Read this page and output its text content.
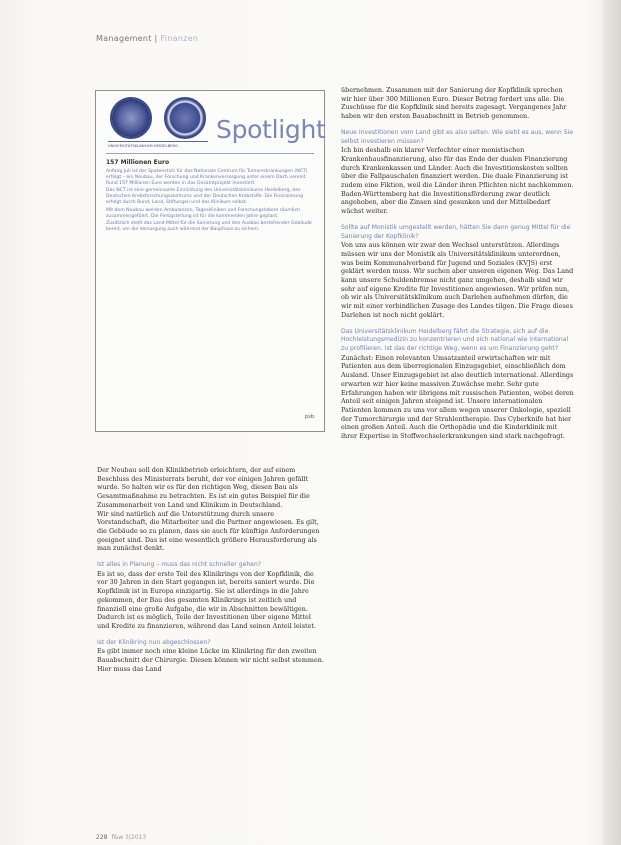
Management | Finanzen
UNIVERSITÄTSKLINIKUM HEIDELBERG
Spotlight
157 Millionen Euro

Anfang Juli ist der Spatenstich für das Nationale Centrum für Tumorerkrankungen (NCT) erfolgt – ein Neubau, der Forschung und Krankenversorgung unter einem Dach vereint. Rund 157 Millionen Euro werden in das Gesamtprojekt investiert.

Das NCT ist eine gemeinsame Einrichtung des Universitätsklinikums Heidelberg, des Deutschen Krebsforschungszentrums und der Deutschen Krebshilfe. Die Finanzierung erfolgt durch Bund, Land, Stiftungen und das Klinikum selbst.

Mit dem Neubau werden Ambulanzen, Tageskliniken und Forschungslabore räumlich zusammengeführt. Die Fertigstellung ist für die kommenden Jahre geplant.

Zusätzlich stellt das Land Mittel für die Sanierung und den Ausbau bestehender Gebäude bereit, um die Versorgung auch während der Bauphase zu sichern.

psb

Der Neubau soll den Klinikbetrieb erleichtern, der auf einem Beschluss des Ministerrats beruht, der vor einigen Jahren gefällt wurde. So halten wir es für den richtigen Weg, diesen Bau als Gesamtmaßnahme zu betrachten. Es ist ein gutes Beispiel für die Zusammenarbeit von Land und Klinikum in Deutschland.

Wir sind natürlich auf die Unterstützung durch unsere Vorstandschaft, die Mitarbeiter und die Partner angewiesen. Es gilt, die Gebäude so zu planen, dass sie auch für künftige Anforderungen geeignet sind. Das ist eine wesentlich größere Herausforderung als man zunächst denkt.

Ist alles in Planung – muss das nicht schneller gehen?

Es ist so, dass der erste Teil des Klinikrings von der Kopfklinik, die vor 30 Jahren in den Start gegangen ist, bereits saniert wurde. Die Kopfklinik ist in Europa einzigartig. Sie ist allerdings in die Jahre gekommen, der Bau des gesamten Klinikrings ist zeitlich und finanziell eine große Aufgabe, die wir in Abschnitten bewältigen. Dadurch ist es möglich, Teile der Investitionen über eigene Mittel und Kredite zu finanzieren, während das Land seinen Anteil leistet.

Ist der Klinikring nun abgeschlossen?

Es gibt immer noch eine kleine Lücke im Klinikring für den zweiten Bauabschnitt der Chirurgie. Diesen können wir nicht selbst stemmen. Hier muss das Land

übernehmen. Zusammen mit der Sanierung der Kopfklinik sprechen wir hier über 300 Millionen Euro. Dieser Betrag fordert uns alle. Die Zuschüsse für die Kopfklinik sind bereits zugesagt. Vergangenes Jahr haben wir den ersten Bauabschnitt in Betrieb genommen.

Neue Investitionen vom Land gibt es also selten. Wie sieht es aus, wenn Sie selbst investieren müssen?

Ich bin deshalb ein klarer Verfechter einer monistischen Krankenhausfinanzierung, also für das Ende der dualen Finanzierung durch Krankenkassen und Länder. Auch die Investitionskosten sollten über die Fallpauschalen finanziert werden. Die duale Finanzierung ist zudem eine Fiktion, weil die Länder ihren Pflichten nicht nachkommen. Baden-Württemberg hat die Investitionsförderung zwar deutlich angehoben, aber die Zinsen sind gesunken und der Mittelbedarf wächst weiter.

Sollte auf Monistik umgestellt werden, hätten Sie dann genug Mittel für die Sanierung der Kopfklinik?

Von uns aus können wir zwar den Wechsel unterstützen. Allerdings müssen wir uns der Monistik als Universitätsklinikum unterordnen, was beim Kommunalverband für Jugend und Soziales (KVJS) erst geklärt werden muss. Wir suchen aber unseren eigenen Weg. Das Land kann unsere Schuldenbremse nicht ganz umgehen, deshalb sind wir sehr auf eigene Kredite für Investitionen angewiesen. Wir prüfen nun, ob wir als Universitätsklinikum auch Darlehen aufnehmen dürfen, die wir mit einer verbindlichen Zusage des Landes tilgen. Die Frage dieses Darlehen ist noch nicht geklärt.

Das Universitätsklinikum Heidelberg fährt die Strategie, sich auf die Hochleistungsmedizin zu konzentrieren und sich national wie international zu profilieren. Ist das der richtige Weg, wenn es um Finanzierung geht?

Zunächst: Einen relevanten Umsatzanteil erwirtschaften wir mit Patienten aus dem überregionalen Einzugsgebiet, einschließlich dem Ausland. Unser Einzugsgebiet ist also deutlich international. Allerdings erwarten wir hier keine massiven Zuwächse mehr. Sehr gute Erfahrungen haben wir übrigens mit russischen Patienten, wobei deren Anteil seit einigen Jahren steigend ist. Unsere internationalen Patienten kommen zu uns vor allem wegen unserer Onkologie, speziell der Tumorchirurgie und der Strahlentherapie. Das Cyberknife hat hier einen großen Anteil. Auch die Orthopädie und die Kinderklinik mit ihrer Expertise in Stoffwechselerkrankungen sind stark nachgefragt.

228 f&w 3|2013
